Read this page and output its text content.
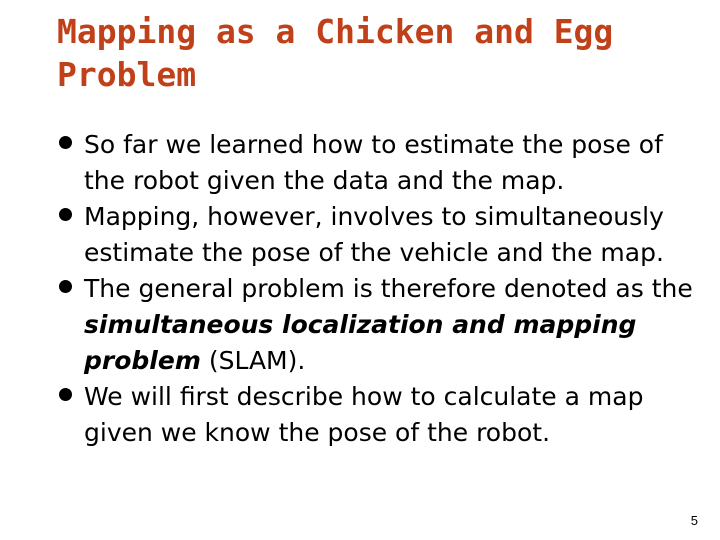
Mapping as a Chicken and Egg
Problem
So far we learned how to estimate the pose of the robot given the data and the map.
Mapping, however, involves to simultaneously estimate the pose of the vehicle and the map.
The general problem is therefore denoted as the simultaneous localization and mapping problem (SLAM).
We will first describe how to calculate a map given we know the pose of the robot.
5
